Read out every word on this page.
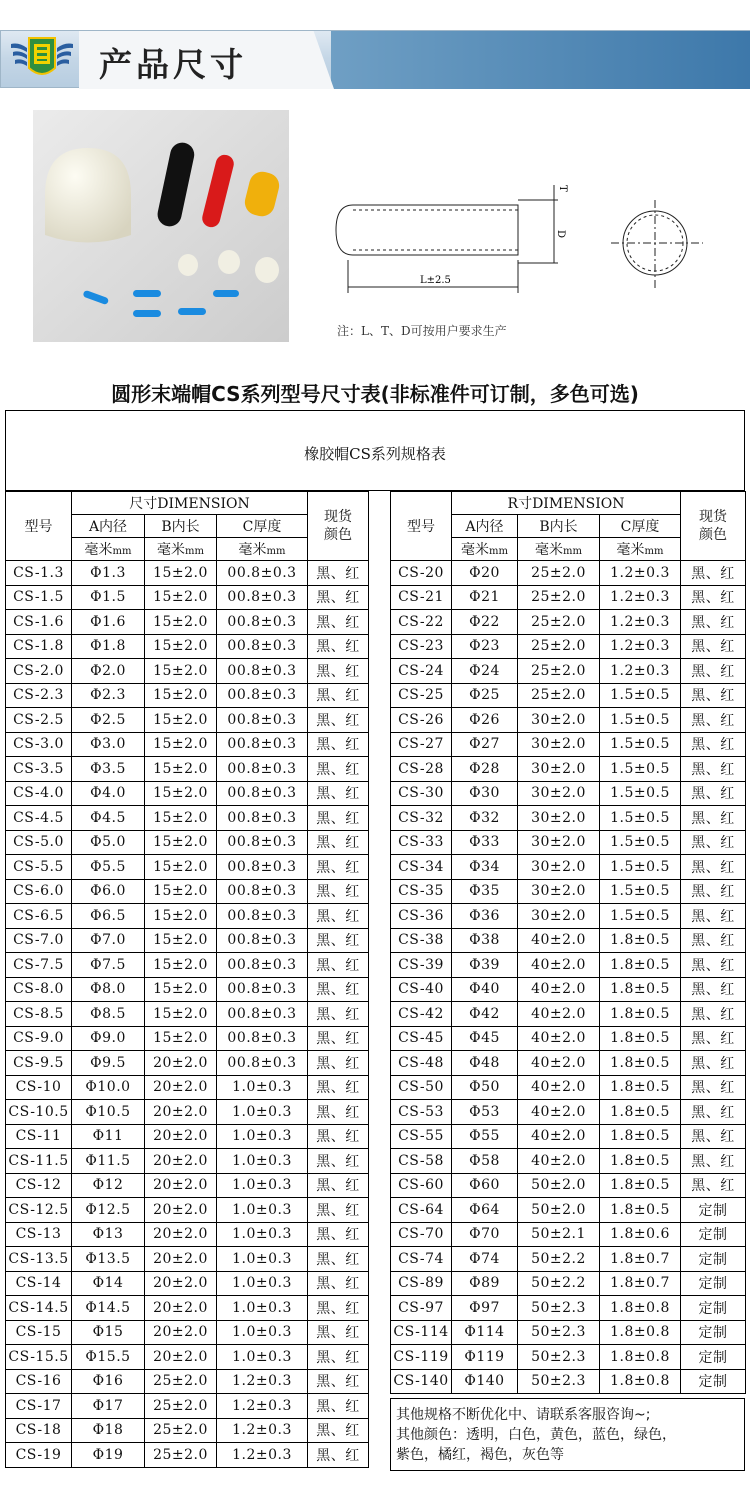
产品尺寸
T
D
L±2.5
注：L、T、D可按用户要求生产
圆形末端帽CS系列型号尺寸表(非标准件可订制，多色可选)
橡胶帽CS系列规格表
型号	尺寸DIMENSION			现货颜色
	A内径	B内长	C厚度	
	毫米mm	毫米mm	毫米mm	
CS-1.3	Φ1.3	15±2.0	00.8±0.3	黑、红
CS-1.5	Φ1.5	15±2.0	00.8±0.3	黑、红
CS-1.6	Φ1.6	15±2.0	00.8±0.3	黑、红
CS-1.8	Φ1.8	15±2.0	00.8±0.3	黑、红
CS-2.0	Φ2.0	15±2.0	00.8±0.3	黑、红
CS-2.3	Φ2.3	15±2.0	00.8±0.3	黑、红
CS-2.5	Φ2.5	15±2.0	00.8±0.3	黑、红
CS-3.0	Φ3.0	15±2.0	00.8±0.3	黑、红
CS-3.5	Φ3.5	15±2.0	00.8±0.3	黑、红
CS-4.0	Φ4.0	15±2.0	00.8±0.3	黑、红
CS-4.5	Φ4.5	15±2.0	00.8±0.3	黑、红
CS-5.0	Φ5.0	15±2.0	00.8±0.3	黑、红
CS-5.5	Φ5.5	15±2.0	00.8±0.3	黑、红
CS-6.0	Φ6.0	15±2.0	00.8±0.3	黑、红
CS-6.5	Φ6.5	15±2.0	00.8±0.3	黑、红
CS-7.0	Φ7.0	15±2.0	00.8±0.3	黑、红
CS-7.5	Φ7.5	15±2.0	00.8±0.3	黑、红
CS-8.0	Φ8.0	15±2.0	00.8±0.3	黑、红
CS-8.5	Φ8.5	15±2.0	00.8±0.3	黑、红
CS-9.0	Φ9.0	15±2.0	00.8±0.3	黑、红
CS-9.5	Φ9.5	20±2.0	00.8±0.3	黑、红
CS-10	Φ10.0	20±2.0	1.0±0.3	黑、红
CS-10.5	Φ10.5	20±2.0	1.0±0.3	黑、红
CS-11	Φ11	20±2.0	1.0±0.3	黑、红
CS-11.5	Φ11.5	20±2.0	1.0±0.3	黑、红
CS-12	Φ12	20±2.0	1.0±0.3	黑、红
CS-12.5	Φ12.5	20±2.0	1.0±0.3	黑、红
CS-13	Φ13	20±2.0	1.0±0.3	黑、红
CS-13.5	Φ13.5	20±2.0	1.0±0.3	黑、红
CS-14	Φ14	20±2.0	1.0±0.3	黑、红
CS-14.5	Φ14.5	20±2.0	1.0±0.3	黑、红
CS-15	Φ15	20±2.0	1.0±0.3	黑、红
CS-15.5	Φ15.5	20±2.0	1.0±0.3	黑、红
CS-16	Φ16	25±2.0	1.2±0.3	黑、红
CS-17	Φ17	25±2.0	1.2±0.3	黑、红
CS-18	Φ18	25±2.0	1.2±0.3	黑、红
CS-19	Φ19	25±2.0	1.2±0.3	黑、红
型号	R寸DIMENSION			现货颜色
	A内径	B内长	C厚度	
	毫米mm	毫米mm	毫米mm	
CS-20	Φ20	25±2.0	1.2±0.3	黑、红
CS-21	Φ21	25±2.0	1.2±0.3	黑、红
CS-22	Φ22	25±2.0	1.2±0.3	黑、红
CS-23	Φ23	25±2.0	1.2±0.3	黑、红
CS-24	Φ24	25±2.0	1.2±0.3	黑、红
CS-25	Φ25	25±2.0	1.5±0.5	黑、红
CS-26	Φ26	30±2.0	1.5±0.5	黑、红
CS-27	Φ27	30±2.0	1.5±0.5	黑、红
CS-28	Φ28	30±2.0	1.5±0.5	黑、红
CS-30	Φ30	30±2.0	1.5±0.5	黑、红
CS-32	Φ32	30±2.0	1.5±0.5	黑、红
CS-33	Φ33	30±2.0	1.5±0.5	黑、红
CS-34	Φ34	30±2.0	1.5±0.5	黑、红
CS-35	Φ35	30±2.0	1.5±0.5	黑、红
CS-36	Φ36	30±2.0	1.5±0.5	黑、红
CS-38	Φ38	40±2.0	1.8±0.5	黑、红
CS-39	Φ39	40±2.0	1.8±0.5	黑、红
CS-40	Φ40	40±2.0	1.8±0.5	黑、红
CS-42	Φ42	40±2.0	1.8±0.5	黑、红
CS-45	Φ45	40±2.0	1.8±0.5	黑、红
CS-48	Φ48	40±2.0	1.8±0.5	黑、红
CS-50	Φ50	40±2.0	1.8±0.5	黑、红
CS-53	Φ53	40±2.0	1.8±0.5	黑、红
CS-55	Φ55	40±2.0	1.8±0.5	黑、红
CS-58	Φ58	40±2.0	1.8±0.5	黑、红
CS-60	Φ60	50±2.0	1.8±0.5	黑、红
CS-64	Φ64	50±2.0	1.8±0.5	定制
CS-70	Φ70	50±2.1	1.8±0.6	定制
CS-74	Φ74	50±2.2	1.8±0.7	定制
CS-89	Φ89	50±2.2	1.8±0.7	定制
CS-97	Φ97	50±2.3	1.8±0.8	定制
CS-114	Φ114	50±2.3	1.8±0.8	定制
CS-119	Φ119	50±2.3	1.8±0.8	定制
CS-140	Φ140	50±2.3	1.8±0.8	定制
其他规格不断优化中、请联系客服咨询~;
其他颜色：透明，白色，黄色，蓝色，绿色，
紫色，橘红，褐色，灰色等
